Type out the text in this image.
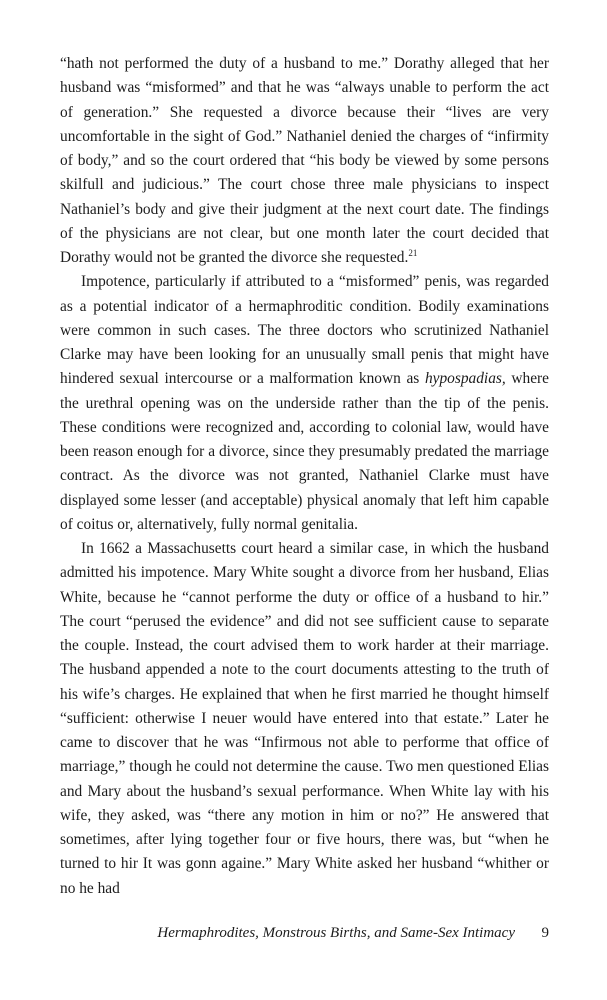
“hath not performed the duty of a husband to me.” Dorathy alleged that her husband was “misformed” and that he was “always unable to perform the act of generation.” She requested a divorce because their “lives are very uncomfortable in the sight of God.” Nathaniel denied the charges of “infirmity of body,” and so the court ordered that “his body be viewed by some persons skilfull and judicious.” The court chose three male physicians to inspect Nathaniel’s body and give their judgment at the next court date. The findings of the physicians are not clear, but one month later the court decided that Dorathy would not be granted the divorce she requested.$^{21}$

Impotence, particularly if attributed to a “misformed” penis, was regarded as a potential indicator of a hermaphroditic condition. Bodily examinations were common in such cases. The three doctors who scrutinized Nathaniel Clarke may have been looking for an unusually small penis that might have hindered sexual intercourse or a malformation known as hypospadias, where the urethral opening was on the underside rather than the tip of the penis. These conditions were recognized and, according to colonial law, would have been reason enough for a divorce, since they presumably predated the marriage contract. As the divorce was not granted, Nathaniel Clarke must have displayed some lesser (and acceptable) physical anomaly that left him capable of coitus or, alternatively, fully normal genitalia.

In 1662 a Massachusetts court heard a similar case, in which the husband admitted his impotence. Mary White sought a divorce from her husband, Elias White, because he “cannot performe the duty or office of a husband to hir.” The court “perused the evidence” and did not see sufficient cause to separate the couple. Instead, the court advised them to work harder at their marriage. The husband appended a note to the court documents attesting to the truth of his wife’s charges. He explained that when he first married he thought himself “sufficient: otherwise I neuer would have entered into that estate.” Later he came to discover that he was “Infirmous not able to performe that office of marriage,” though he could not determine the cause. Two men questioned Elias and Mary about the husband’s sexual performance. When White lay with his wife, they asked, was “there any motion in him or no?” He answered that sometimes, after lying together four or five hours, there was, but “when he turned to hir It was gonn againe.” Mary White asked her husband “whither or no he had

Hermaphrodites, Monstrous Births, and Same-Sex Intimacy 9
